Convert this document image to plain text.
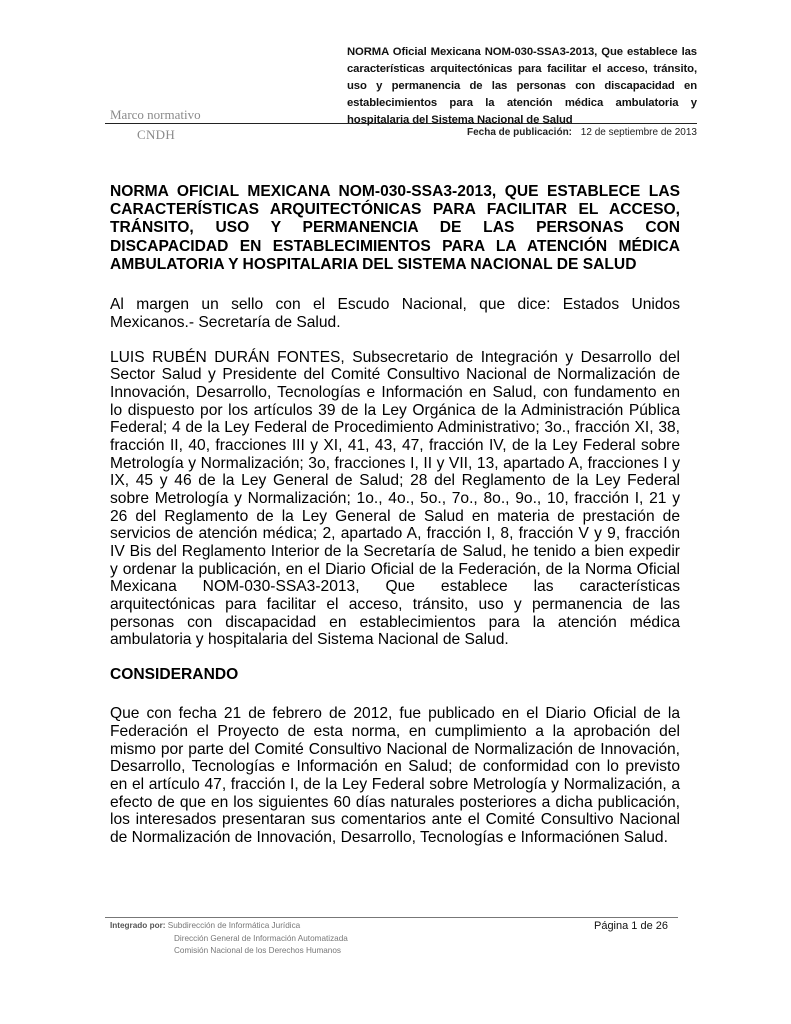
NORMA Oficial Mexicana NOM-030-SSA3-2013, Que establece las características arquitectónicas para facilitar el acceso, tránsito, uso y permanencia de las personas con discapacidad en establecimientos para la atención médica ambulatoria y hospitalaria del Sistema Nacional de Salud
Marco normativo
CNDH	Fecha de publicación: 12 de septiembre de 2013
NORMA OFICIAL MEXICANA NOM-030-SSA3-2013, QUE ESTABLECE LAS CARACTERÍSTICAS ARQUITECTÓNICAS PARA FACILITAR EL ACCESO, TRÁNSITO, USO Y PERMANENCIA DE LAS PERSONAS CON DISCAPACIDAD EN ESTABLECIMIENTOS PARA LA ATENCIÓN MÉDICA AMBULATORIA Y HOSPITALARIA DEL SISTEMA NACIONAL DE SALUD

Al margen un sello con el Escudo Nacional, que dice: Estados Unidos Mexicanos.- Secretaría de Salud.

LUIS RUBÉN DURÁN FONTES, Subsecretario de Integración y Desarrollo del Sector Salud y Presidente del Comité Consultivo Nacional de Normalización de Innovación, Desarrollo, Tecnologías e Información en Salud, con fundamento en lo dispuesto por los artículos 39 de la Ley Orgánica de la Administración Pública Federal; 4 de la Ley Federal de Procedimiento Administrativo; 3o., fracción XI, 38, fracción II, 40, fracciones III y XI, 41, 43, 47, fracción IV, de la Ley Federal sobre Metrología y Normalización; 3o, fracciones I, II y VII, 13, apartado A, fracciones I y IX, 45 y 46 de la Ley General de Salud; 28 del Reglamento de la Ley Federal sobre Metrología y Normalización; 1o., 4o., 5o., 7o., 8o., 9o., 10, fracción I, 21 y 26 del Reglamento de la Ley General de Salud en materia de prestación de servicios de atención médica; 2, apartado A, fracción I, 8, fracción V y 9, fracción IV Bis del Reglamento Interior de la Secretaría de Salud, he tenido a bien expedir y ordenar la publicación, en el Diario Oficial de la Federación, de la Norma Oficial Mexicana NOM-030-SSA3-2013, Que establece las características arquitectónicas para facilitar el acceso, tránsito, uso y permanencia de las personas con discapacidad en establecimientos para la atención médica ambulatoria y hospitalaria del Sistema Nacional de Salud.

CONSIDERANDO

Que con fecha 21 de febrero de 2012, fue publicado en el Diario Oficial de la Federación el Proyecto de esta norma, en cumplimiento a la aprobación del mismo por parte del Comité Consultivo Nacional de Normalización de Innovación, Desarrollo, Tecnologías e Información en Salud; de conformidad con lo previsto en el artículo 47, fracción I, de la Ley Federal sobre Metrología y Normalización, a efecto de que en los siguientes 60 días naturales posteriores a dicha publicación, los interesados presentaran sus comentarios ante el Comité Consultivo Nacional de Normalización de Innovación, Desarrollo, Tecnologías e Informaciónen Salud.

Integrado por: Subdirección de Informática Jurídica
Dirección General de Información Automatizada
Comisión Nacional de los Derechos Humanos
Página 1 de 26
